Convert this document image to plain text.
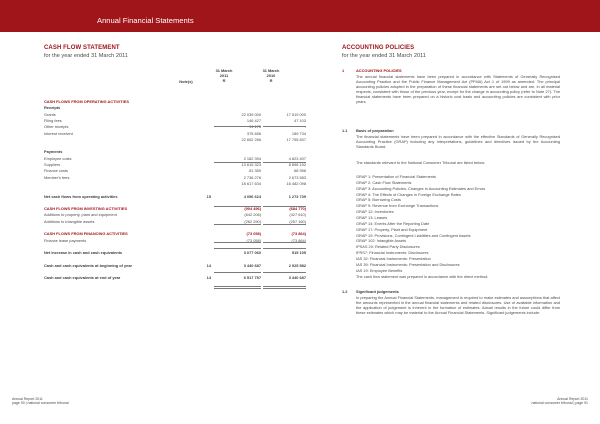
Annual Financial Statements
CASH FLOW STATEMENT
for the year ended 31 March 2011
31 March
2011
R
31 March
2010
R
Note(s)
CASH FLOWS FROM OPERATING ACTIVITIES
Receipts
Grants	22 039 000	17 519 000
Filing fees	146 427	47 103
Other receipts	91 173	-
Interest received	375 656	189 734
22 652 266	17 755 837
Payments
Employee costs	2 182 394	4 823 407
Suppliers	13 615 323	8 896 152
Finance costs	81 359	68 956
Member's fees	2 736 276	2 673 583
18 617 634	16 482 098
Net cash flows from operating activities	15	4 056 624	1 273 739
CASH FLOWS FROM INVESTING ACTIVITIES	(904 496)	(684 770)
Additions to property, plant and equipment	(642 206)	(427 610)
Additions to intangible assets	(262 290)	(257 160)
CASH FLOWS FROM FINANCING ACTIVITIES	(73 058)	(73 864)
Finance lease payments	(73 058)	(73 864)
Net increase in cash and cash equivalents	3 077 060	515 105
Cash and cash equivalents at beginning of year	14	3 440 687	2 925 582
Cash and cash equivalents at end of year	14	6 517 757	3 440 687
ACCOUNTING POLICIES
for the year ended 31 March 2011
1	ACCOUNTING POLICIES

The annual financial statements have been prepared in accordance with Statements of Generally Recognised Accounting Practice and the Public Finance Management Act (PFMA) Act 1 of 1999 as amended. The principal accounting policies adopted in the preparation of these financial statements are set out below and are, in all material respects, consistent with those of the previous year, except for the change in accounting policy (refer to Note 27). The financial statements have been prepared on a historic cost basis and accounting policies are consistent with prior years.

1.1 Basis of preparation

The financial statements have been prepared in accordance with the effective Standards of Generally Recognised Accounting Practice (GRAP) including any interpretations, guidelines and directives issued by the Accounting Standards Board.

The standards relevant to the National Consumer Tribunal are listed below:
GRAP 1: Presentation of Financial Statements
GRAP 2: Cash Flow Statements
GRAP 3: Accounting Policies, Changes in Accounting Estimates and Errors
GRAP 4: The Effects of Changes in Foreign Exchange Rates
GRAP 5: Borrowing Costs
GRAP 9: Revenue from Exchange Transactions
GRAP 12: Inventories
GRAP 13: Leases
GRAP 14: Events After the Reporting Date
GRAP 17: Property, Plant and Equipment
GRAP 19: Provisions, Contingent Liabilities and Contingent Assets
GRAP 102: Intangible Assets
IPSAS 20: Related Party Disclosures
IFRS7: Financial Instruments: Disclosures
IAS 32: Financial Instruments: Presentation
IAS 39: Financial Instruments: Presentation and Disclosures
IAS 19: Employee Benefits
The cash flow statement was prepared in accordance with the direct method.
1.2 Significant judgements

In preparing the Annual Financial Statements, management is required to make estimates and assumptions that affect the amounts represented in the annual financial statements and related disclosures. Use of available information and the application of judgement is inherent in the formation of estimates. Actual results in the future could differ from these estimates which may be material to the Annual Financial Statements. Significant judgements include:

Annual Report 2011
page 90 | national consumer tribunal
Annual Report 2011
national consumer tribunal | page 91
